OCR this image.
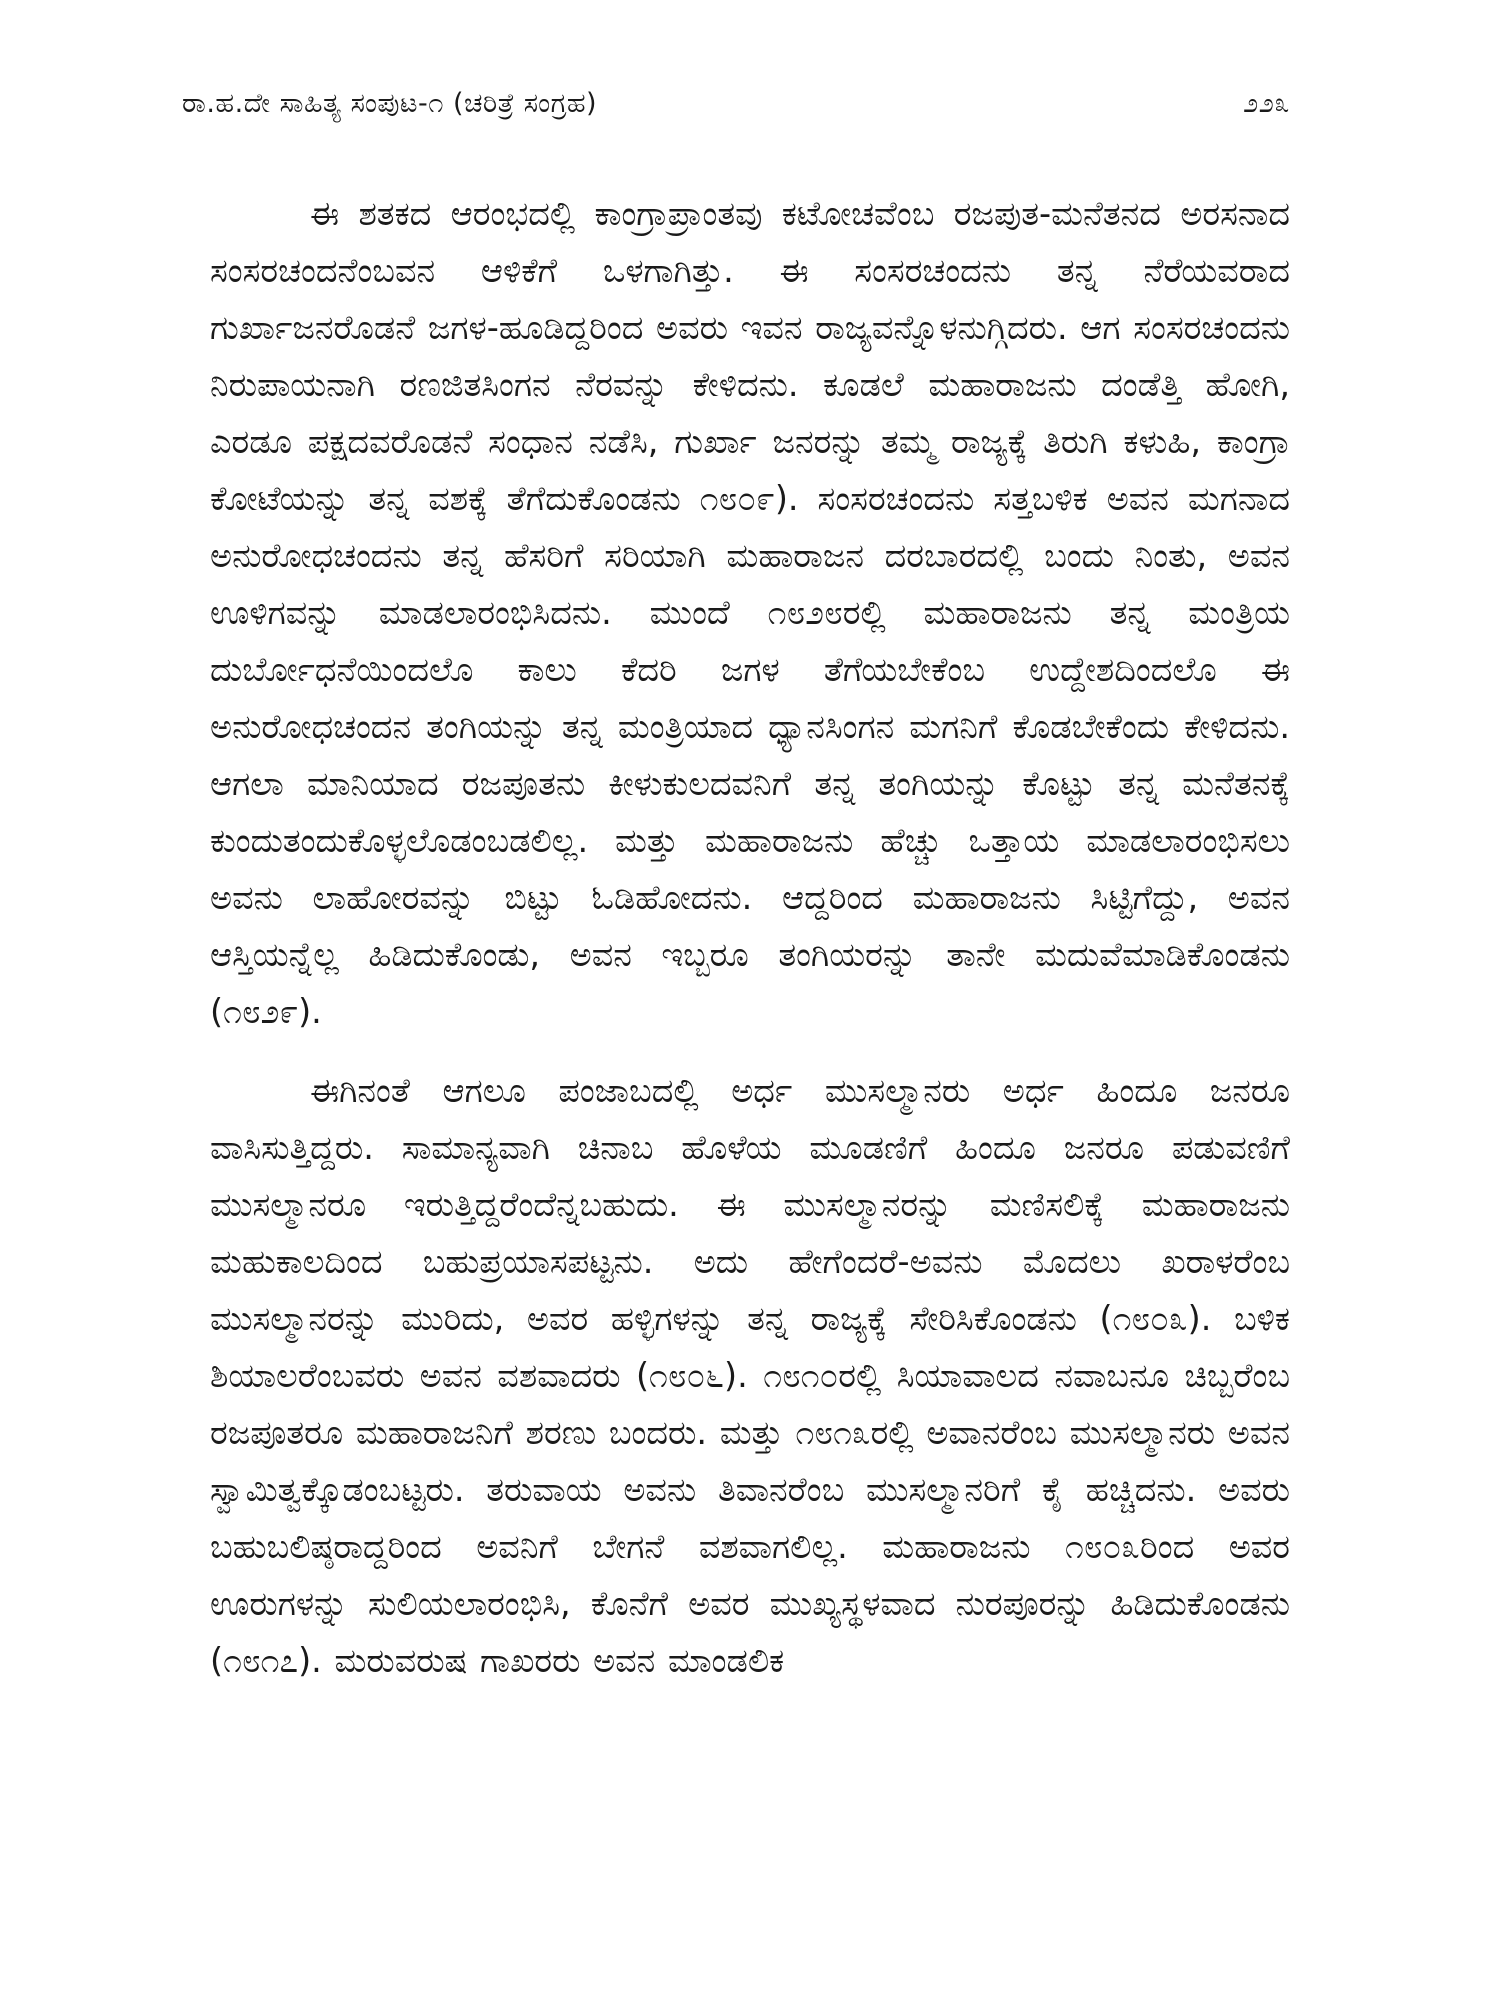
ರಾ.ಹ.ದೇ ಸಾಹಿತ್ಯ ಸಂಪುಟ-೧ (ಚರಿತ್ರೆ ಸಂಗ್ರಹ)	೨೨೩

ಈ ಶತಕದ ಆರಂಭದಲ್ಲಿ ಕಾಂಗ್ರಾಪ್ರಾಂತವು ಕಟೋಚವೆಂಬ ರಜಪುತ-ಮನೆತನದ ಅರಸನಾದ ಸಂಸರಚಂದನೆಂಬವನ ಆಳಿಕೆಗೆ ಒಳಗಾಗಿತ್ತು. ಈ ಸಂಸರಚಂದನು ತನ್ನ ನೆರೆಯವರಾದ ಗುರ್ಖಾಜನರೊಡನೆ ಜಗಳ-ಹೂಡಿದ್ದರಿಂದ ಅವರು ಇವನ ರಾಜ್ಯವನ್ನೊಳನುಗ್ಗಿದರು. ಆಗ ಸಂಸರಚಂದನು ನಿರುಪಾಯನಾಗಿ ರಣಜಿತಸಿಂಗನ ನೆರವನ್ನು ಕೇಳಿದನು. ಕೂಡಲೆ ಮಹಾರಾಜನು ದಂಡೆತ್ತಿ ಹೋಗಿ, ಎರಡೂ ಪಕ್ಷದವರೊಡನೆ ಸಂಧಾನ ನಡೆಸಿ, ಗುರ್ಖಾ ಜನರನ್ನು ತಮ್ಮ ರಾಜ್ಯಕ್ಕೆ ತಿರುಗಿ ಕಳುಹಿ, ಕಾಂಗ್ರಾ ಕೋಟೆಯನ್ನು ತನ್ನ ವಶಕ್ಕೆ ತೆಗೆದುಕೊಂಡನು ೧೮೦೯). ಸಂಸರಚಂದನು ಸತ್ತಬಳಿಕ ಅವನ ಮಗನಾದ ಅನುರೋಧಚಂದನು ತನ್ನ ಹೆಸರಿಗೆ ಸರಿಯಾಗಿ ಮಹಾರಾಜನ ದರಬಾರದಲ್ಲಿ ಬಂದು ನಿಂತು, ಅವನ ಊಳಿಗವನ್ನು ಮಾಡಲಾರಂಭಿಸಿದನು. ಮುಂದೆ ೧೮೨೮ರಲ್ಲಿ ಮಹಾರಾಜನು ತನ್ನ ಮಂತ್ರಿಯ ದುರ್ಬೋಧನೆಯಿಂದಲೊ ಕಾಲು ಕೆದರಿ ಜಗಳ ತೆಗೆಯಬೇಕೆಂಬ ಉದ್ದೇಶದಿಂದಲೊ ಈ ಅನುರೋಧಚಂದನ ತಂಗಿಯನ್ನು ತನ್ನ ಮಂತ್ರಿಯಾದ ಧ್ಯಾನಸಿಂಗನ ಮಗನಿಗೆ ಕೊಡಬೇಕೆಂದು ಕೇಳಿದನು. ಆಗಲಾ ಮಾನಿಯಾದ ರಜಪೂತನು ಕೀಳುಕುಲದವನಿಗೆ ತನ್ನ ತಂಗಿಯನ್ನು ಕೊಟ್ಟು ತನ್ನ ಮನೆತನಕ್ಕೆ ಕುಂದುತಂದುಕೊಳ್ಳಲೊಡಂಬಡಲಿಲ್ಲ. ಮತ್ತು ಮಹಾರಾಜನು ಹೆಚ್ಚು ಒತ್ತಾಯ ಮಾಡಲಾರಂಭಿಸಲು ಅವನು ಲಾಹೋರವನ್ನು ಬಿಟ್ಟು ಓಡಿಹೋದನು. ಆದ್ದರಿಂದ ಮಹಾರಾಜನು ಸಿಟ್ಟಿಗೆದ್ದು, ಅವನ ಆಸ್ತಿಯನ್ನೆಲ್ಲ ಹಿಡಿದುಕೊಂಡು, ಅವನ ಇಬ್ಬರೂ ತಂಗಿಯರನ್ನು ತಾನೇ ಮದುವೆಮಾಡಿಕೊಂಡನು (೧೮೨೯).

ಈಗಿನಂತೆ ಆಗಲೂ ಪಂಜಾಬದಲ್ಲಿ ಅರ್ಧ ಮುಸಲ್ಮಾನರು ಅರ್ಧ ಹಿಂದೂ ಜನರೂ ವಾಸಿಸುತ್ತಿದ್ದರು. ಸಾಮಾನ್ಯವಾಗಿ ಚಿನಾಬ ಹೊಳೆಯ ಮೂಡಣಿಗೆ ಹಿಂದೂ ಜನರೂ ಪಡುವಣಿಗೆ ಮುಸಲ್ಮಾನರೂ ಇರುತ್ತಿದ್ದರೆಂದೆನ್ನಬಹುದು. ಈ ಮುಸಲ್ಮಾನರನ್ನು ಮಣಿಸಲಿಕ್ಕೆ ಮಹಾರಾಜನು ಮಹುಕಾಲದಿಂದ ಬಹುಪ್ರಯಾಸಪಟ್ಟನು. ಅದು ಹೇಗೆಂದರೆ-ಅವನು ಮೊದಲು ಖರಾಳರೆಂಬ ಮುಸಲ್ಮಾನರನ್ನು ಮುರಿದು, ಅವರ ಹಳ್ಳಿಗಳನ್ನು ತನ್ನ ರಾಜ್ಯಕ್ಕೆ ಸೇರಿಸಿಕೊಂಡನು (೧೮೦೩). ಬಳಿಕ ಶಿಯಾಲರೆಂಬವರು ಅವನ ವಶವಾದರು (೧೮೦೬). ೧೮೧೦ರಲ್ಲಿ ಸಿಯಾವಾಲದ ನವಾಬನೂ ಚಿಬ್ಬರೆಂಬ ರಜಪೂತರೂ ಮಹಾರಾಜನಿಗೆ ಶರಣು ಬಂದರು. ಮತ್ತು ೧೮೧೩ರಲ್ಲಿ ಅವಾನರೆಂಬ ಮುಸಲ್ಮಾನರು ಅವನ ಸ್ವಾಮಿತ್ವಕ್ಕೊಡಂಬಟ್ಟರು. ತರುವಾಯ ಅವನು ತಿವಾನರೆಂಬ ಮುಸಲ್ಮಾನರಿಗೆ ಕೈ ಹಚ್ಚಿದನು. ಅವರು ಬಹುಬಲಿಷ್ಠರಾದ್ದರಿಂದ ಅವನಿಗೆ ಬೇಗನೆ ವಶವಾಗಲಿಲ್ಲ. ಮಹಾರಾಜನು ೧೮೦೩ರಿಂದ ಅವರ ಊರುಗಳನ್ನು ಸುಲಿಯಲಾರಂಭಿಸಿ, ಕೊನೆಗೆ ಅವರ ಮುಖ್ಯಸ್ಥಳವಾದ ನುರಪೂರನ್ನು ಹಿಡಿದುಕೊಂಡನು (೧೮೧೭). ಮರುವರುಷ ಗಾಖರರು ಅವನ ಮಾಂಡಲಿಕ
